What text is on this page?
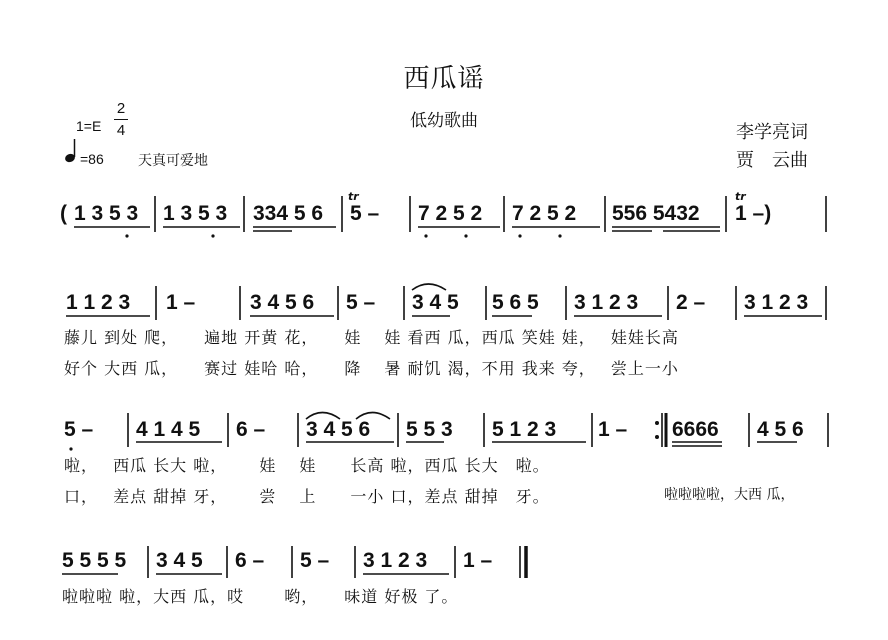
西瓜谣
低幼歌曲
李学亮词
贾　云曲
1=E
2
4
=86 天真可爱地
( 1 3 5 3 1 3 5 3 334 5 6 5 – 7 2 5 2 7 2 5 2 556 5432 1 –)
tr	tr
1 1 2 3 1 –	3 4 5 6 5 – 3 4 5 5 6 5 3 1 2 3 2 – 3 1 2 3
藤儿 到处 爬，　　遍地 开黄 花，　　娃　 娃 看西 瓜，西瓜 笑娃 娃，　 娃娃长高
好个 大西 瓜，　　赛过 娃哈 哈，　　降　 暑 耐饥 渴，不用 我来 夸，　 尝上一小
5 – 4 1 4 5 6 – 3 4 5 6 5 5 3 5 1 2 3 1 – 6666 4 5 6
啦，　 西瓜 长大 啦，　　 娃　 娃　　长高 啦，西瓜 长大　啦。
口，　 差点 甜掉 牙，　　 尝　 上　　一小 口，差点 甜掉　牙。	啦啦啦啦，大西 瓜，
5 5 5 5 3 4 5 6 – 5 – 3 1 2 3 1 –
啦啦啦 啦，大西 瓜，哎　　 哟，　　味道 好极 了。
